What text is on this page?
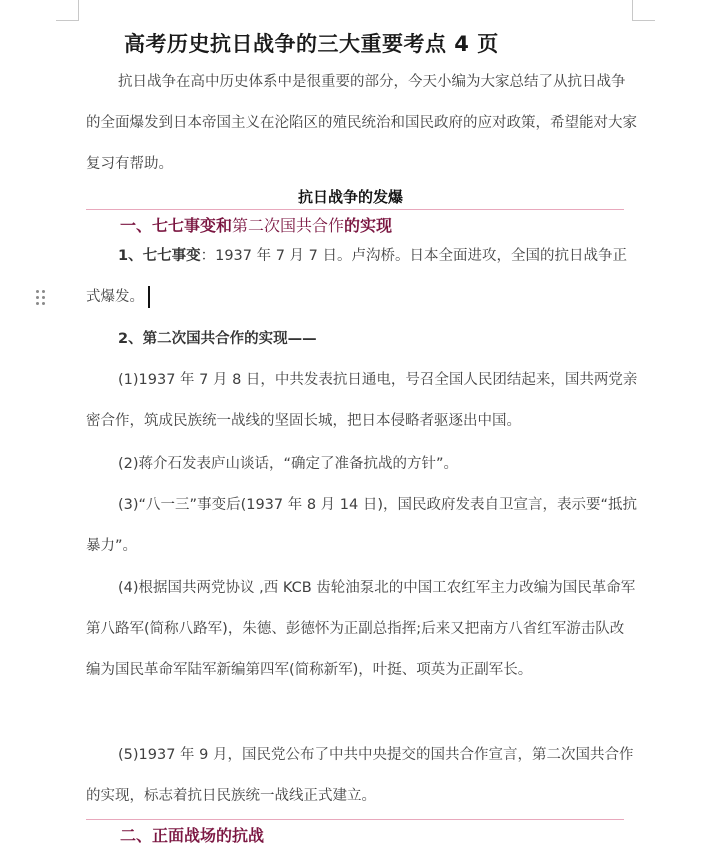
高考历史抗日战争的三大重要考点 4 页
抗日战争在高中历史体系中是很重要的部分，今天小编为大家总结了从抗日战争的全面爆发到日本帝国主义在沦陷区的殖民统治和国民政府的应对政策，希望能对大家复习有帮助。
抗日战争的发爆
一、七七事变和第二次国共合作的实现
1、七七事变：1937 年 7 月 7 日。卢沟桥。日本全面进攻，全国的抗日战争正式爆发。
2、第二次国共合作的实现——
(1)1937 年 7 月 8 日，中共发表抗日通电，号召全国人民团结起来，国共两党亲密合作，筑成民族统一战线的坚固长城，把日本侵略者驱逐出中国。
(2)蒋介石发表庐山谈话，“确定了准备抗战的方针”。
(3)“八一三”事变后(1937 年 8 月 14 日)，国民政府发表自卫宣言，表示要“抵抗暴力”。
(4)根据国共两党协议 ,西 KCB 齿轮油泵北的中国工农红军主力改编为国民革命军第八路军(简称八路军)，朱德、彭德怀为正副总指挥;后来又把南方八省红军游击队改编为国民革命军陆军新编第四军(简称新军)，叶挺、项英为正副军长。
(5)1937 年 9 月，国民党公布了中共中央提交的国共合作宣言，第二次国共合作的实现，标志着抗日民族统一战线正式建立。
二、正面战场的抗战
